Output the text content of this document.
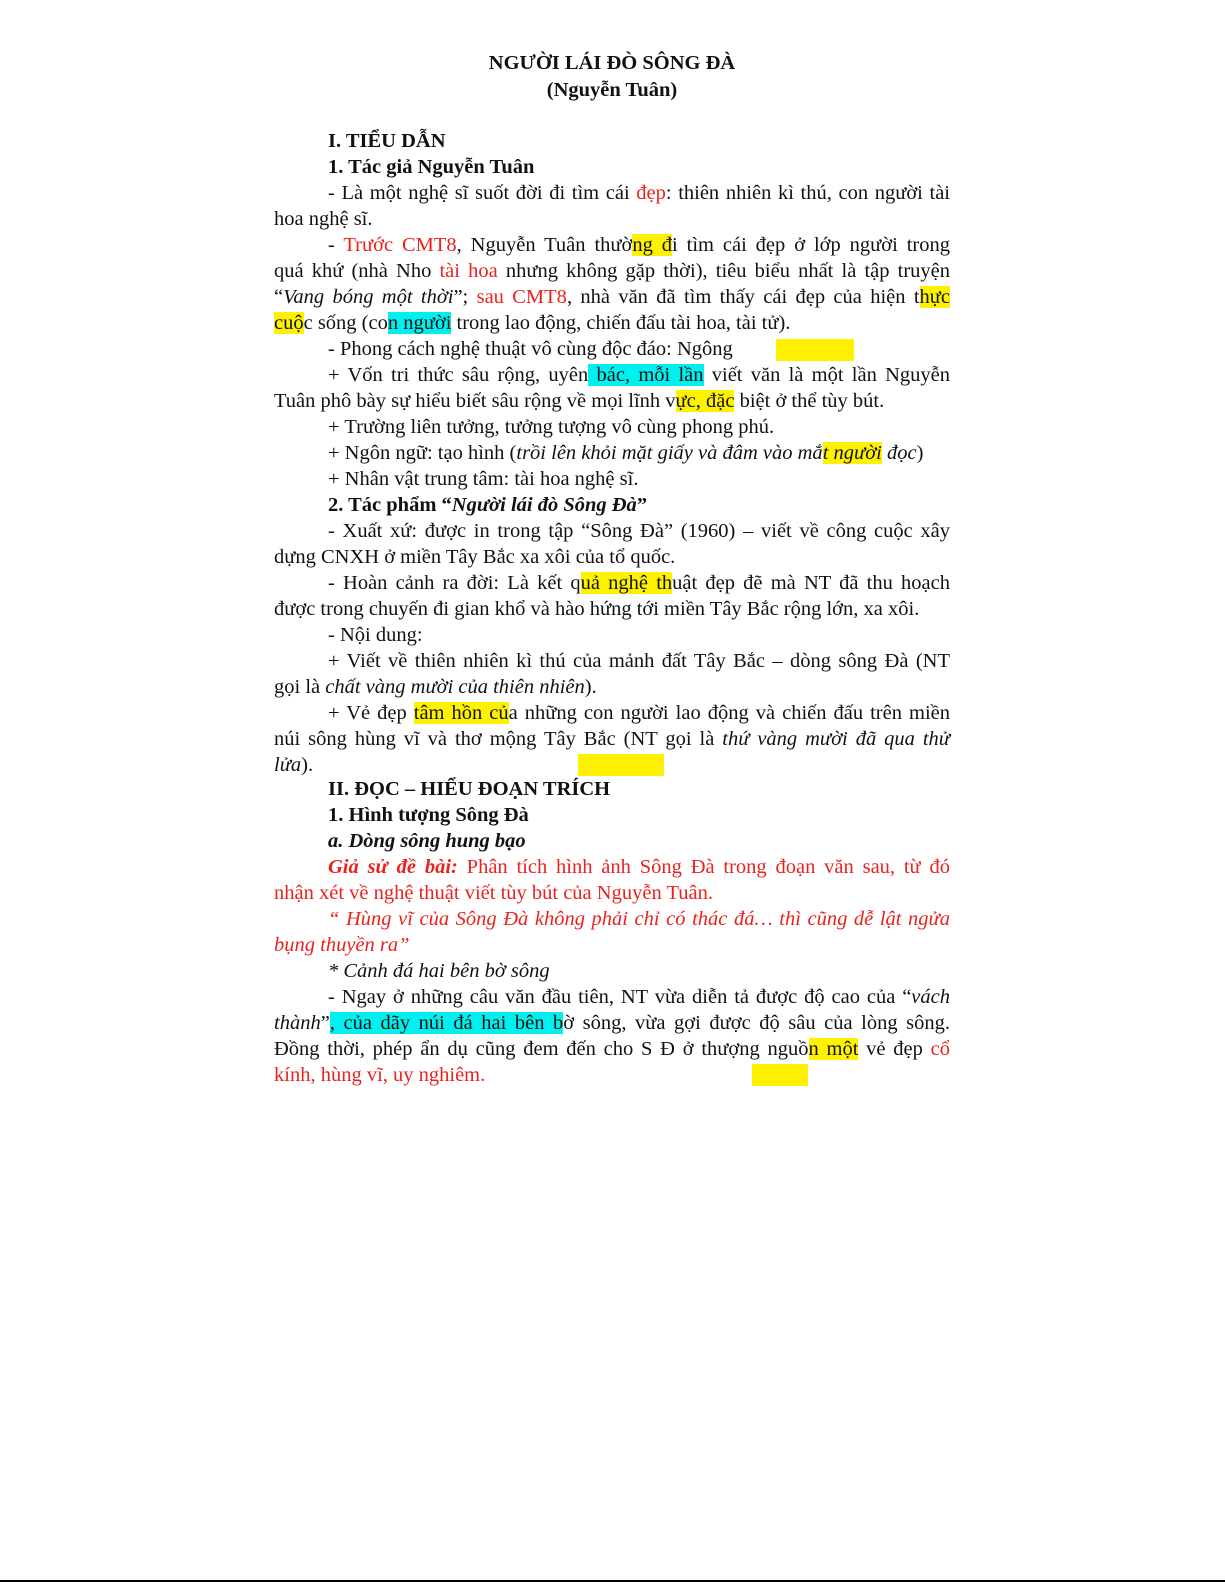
NGƯỜI LÁI ĐÒ SÔNG ĐÀ
(Nguyễn Tuân)
I. TIỂU DẪN
1. Tác giả Nguyễn Tuân
- Là một nghệ sĩ suốt đời đi tìm cái đẹp: thiên nhiên kì thú, con người tài
hoa nghệ sĩ.
- Trước CMT8, Nguyễn Tuân thường đi tìm cái đẹp ở lớp người trong
quá khứ (nhà Nho tài hoa nhưng không gặp thời), tiêu biểu nhất là tập truyện
“Vang bóng một thời”; sau CMT8, nhà văn đã tìm thấy cái đẹp của hiện thực
cuộc sống (con người trong lao động, chiến đấu tài hoa, tài tử).
- Phong cách nghệ thuật vô cùng độc đáo: Ngông
+ Vốn tri thức sâu rộng, uyên bác, mỗi lần viết văn là một lần Nguyễn
Tuân phô bày sự hiểu biết sâu rộng về mọi lĩnh vực, đặc biệt ở thể tùy bút.
+ Trường liên tưởng, tưởng tượng vô cùng phong phú.
+ Ngôn ngữ: tạo hình (trồi lên khỏi mặt giấy và đâm vào mắt người đọc)
+ Nhân vật trung tâm: tài hoa nghệ sĩ.
2. Tác phẩm “Người lái đò Sông Đà”
- Xuất xứ: được in trong tập “Sông Đà” (1960) – viết về công cuộc xây
dựng CNXH ở miền Tây Bắc xa xôi của tổ quốc.
- Hoàn cảnh ra đời: Là kết quả nghệ thuật đẹp đẽ mà NT đã thu hoạch
được trong chuyến đi gian khổ và hào hứng tới miền Tây Bắc rộng lớn, xa xôi.
- Nội dung:
+ Viết về thiên nhiên kì thú của mảnh đất Tây Bắc – dòng sông Đà (NT
gọi là chất vàng mười của thiên nhiên).
+ Vẻ đẹp tâm hồn của những con người lao động và chiến đấu trên miền
núi sông hùng vĩ và thơ mộng Tây Bắc (NT gọi là thứ vàng mười đã qua thử
lửa).
II. ĐỌC – HIỂU ĐOẠN TRÍCH
1. Hình tượng Sông Đà
a. Dòng sông hung bạo
Giả sử đề bài: Phân tích hình ảnh Sông Đà trong đoạn văn sau, từ đó
nhận xét về nghệ thuật viết tùy bút của Nguyễn Tuân.
“ Hùng vĩ của Sông Đà không phải chỉ có thác đá… thì cũng dễ lật ngửa
bụng thuyền ra”
* Cảnh đá hai bên bờ sông
- Ngay ở những câu văn đầu tiên, NT vừa diễn tả được độ cao của “vách
thành”, của dãy núi đá hai bên bờ sông, vừa gợi được độ sâu của lòng sông.
Đồng thời, phép ẩn dụ cũng đem đến cho S Đ ở thượng nguồn một vẻ đẹp cổ
kính, hùng vĩ, uy nghiêm.
